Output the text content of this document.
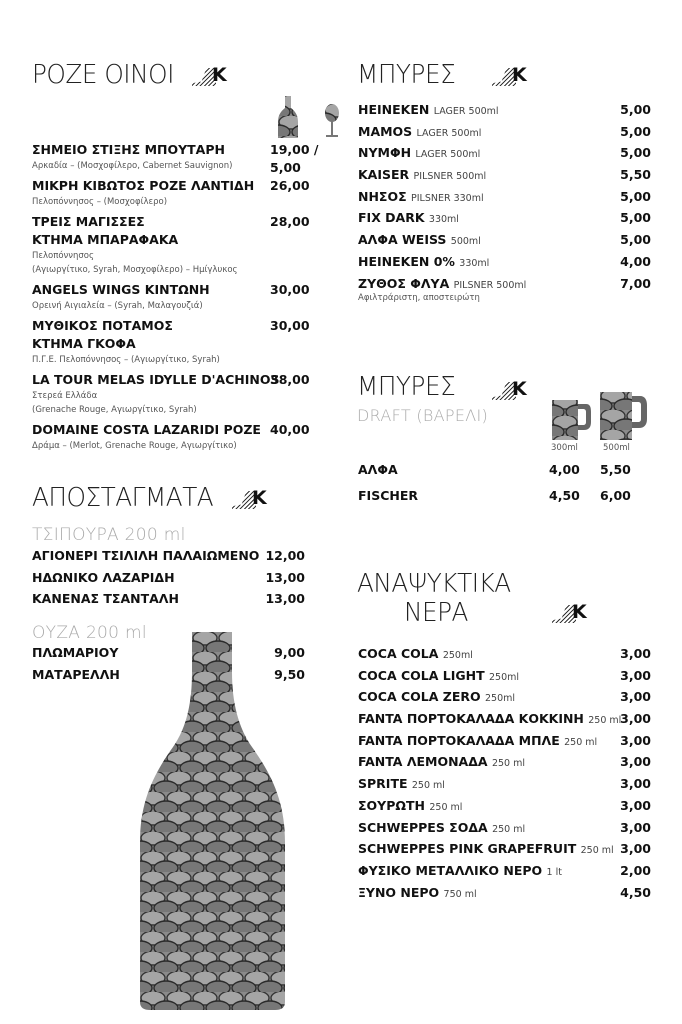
ΡΟΖΕ ΟΙΝΟΙ K
ΣΗΜΕΙΟ ΣΤΙΞΗΣ ΜΠΟΥΤΑΡΗ
Αρκαδία – (Μοσχοφίλερο, Cabernet Sauvignon)
19,00 / 5,00
ΜΙΚΡΗ ΚΙΒΩΤΟΣ ΡΟΖΕ ΛΑΝΤΙΔΗ
Πελοπόννησος – (Μοσχοφίλερο)
26,00
ΤΡΕΙΣ ΜΑΓΙΣΣΕΣ
ΚΤΗΜΑ ΜΠΑΡΑΦΑΚΑ
Πελοπόννησος
(Αγιωργίτικο, Syrah, Μοσχοφίλερο) – Ημίγλυκος
28,00
ANGELS WINGS ΚΙΝΤΩΝΗ
Ορεινή Αιγιαλεία – (Syrah, Μαλαγουζιά)
30,00
ΜΥΘΙΚΟΣ ΠΟΤΑΜΟΣ
ΚΤΗΜΑ ΓΚΟΦΑ
Π.Γ.Ε. Πελοπόννησος – (Αγιωργίτικο, Syrah)
30,00
LA TOUR MELAS IDYLLE D'ACHINOS
Στερεά Ελλάδα
(Grenache Rouge, Αγιωργίτικο, Syrah)
38,00
DOMAINE COSTA LAZARIDI ΡΟΖΕ
Δράμα – (Merlot, Grenache Rouge, Αγιωργίτικο)
40,00
ΑΠΟΣΤΑΓΜΑΤΑ K
ΤΣΙΠΟΥΡΑ 200 ml
ΑΓΙΟΝΕΡΙ ΤΣΙΛΙΛΗ ΠΑΛΑΙΩΜΕΝΟ 12,00
ΗΔΩΝΙΚΟ ΛΑΖΑΡΙΔΗ	13,00
ΚΑΝΕΝΑΣ ΤΣΑΝΤΑΛΗ	13,00
ΟΥΖΑ 200 ml
ΠΛΩΜΑΡΙΟΥ	9,00
ΜΑΤΑΡΕΛΛΗ	9,50
ΜΠΥΡΕΣ	K
HEINEKEN LAGER 500ml	5,00
MAMOS LAGER 500ml	5,00
ΝΥΜΦΗ LAGER 500ml	5,00
KAISER PILSNER 500ml	5,50
ΝΗΣΟΣ PILSNER 330ml	5,00
FIX DARK 330ml	5,00
ΑΛΦΑ WEISS 500ml	5,00
HEINEKEN 0% 330ml	4,00
ΖΥΘΟΣ ΦΛΥΑ PILSNER 500ml	7,00
Αφιλτράριστη, αποστειρώτη
ΜΠΥΡΕΣ
DRAFT (ΒΑΡΕΛΙ)
K
300ml	500ml
ΑΛΦΑ	4,00 5,50
FISCHER	4,50 6,00
ΑΝΑΨΥΚΤΙΚΑ
ΝΕΡΑ	K
COCA COLA 250ml	3,00
COCA COLA LIGHT 250ml	3,00
COCA COLA ZERO 250ml	3,00
FANTA ΠΟΡΤΟΚΑΛΑΔΑ ΚΟΚΚΙΝΗ 250 ml
3,00
FANTA ΠΟΡΤΟΚΑΛΑΔΑ ΜΠΛΕ 250 ml 3,00
FANTA ΛΕΜΟΝΑΔΑ 250 ml	3,00
SPRITE 250 ml	3,00
ΣΟΥΡΩΤΗ 250 ml	3,00
SCHWEPPES ΣΟΔΑ 250 ml	3,00
SCHWEPPES PINK GRAPEFRUIT 250 ml 3,00
ΦΥΣΙΚΟ ΜΕΤΑΛΛΙΚΟ ΝΕΡΟ 1 lt	2,00
ΞΥΝΟ ΝΕΡΟ 750 ml	4,50
